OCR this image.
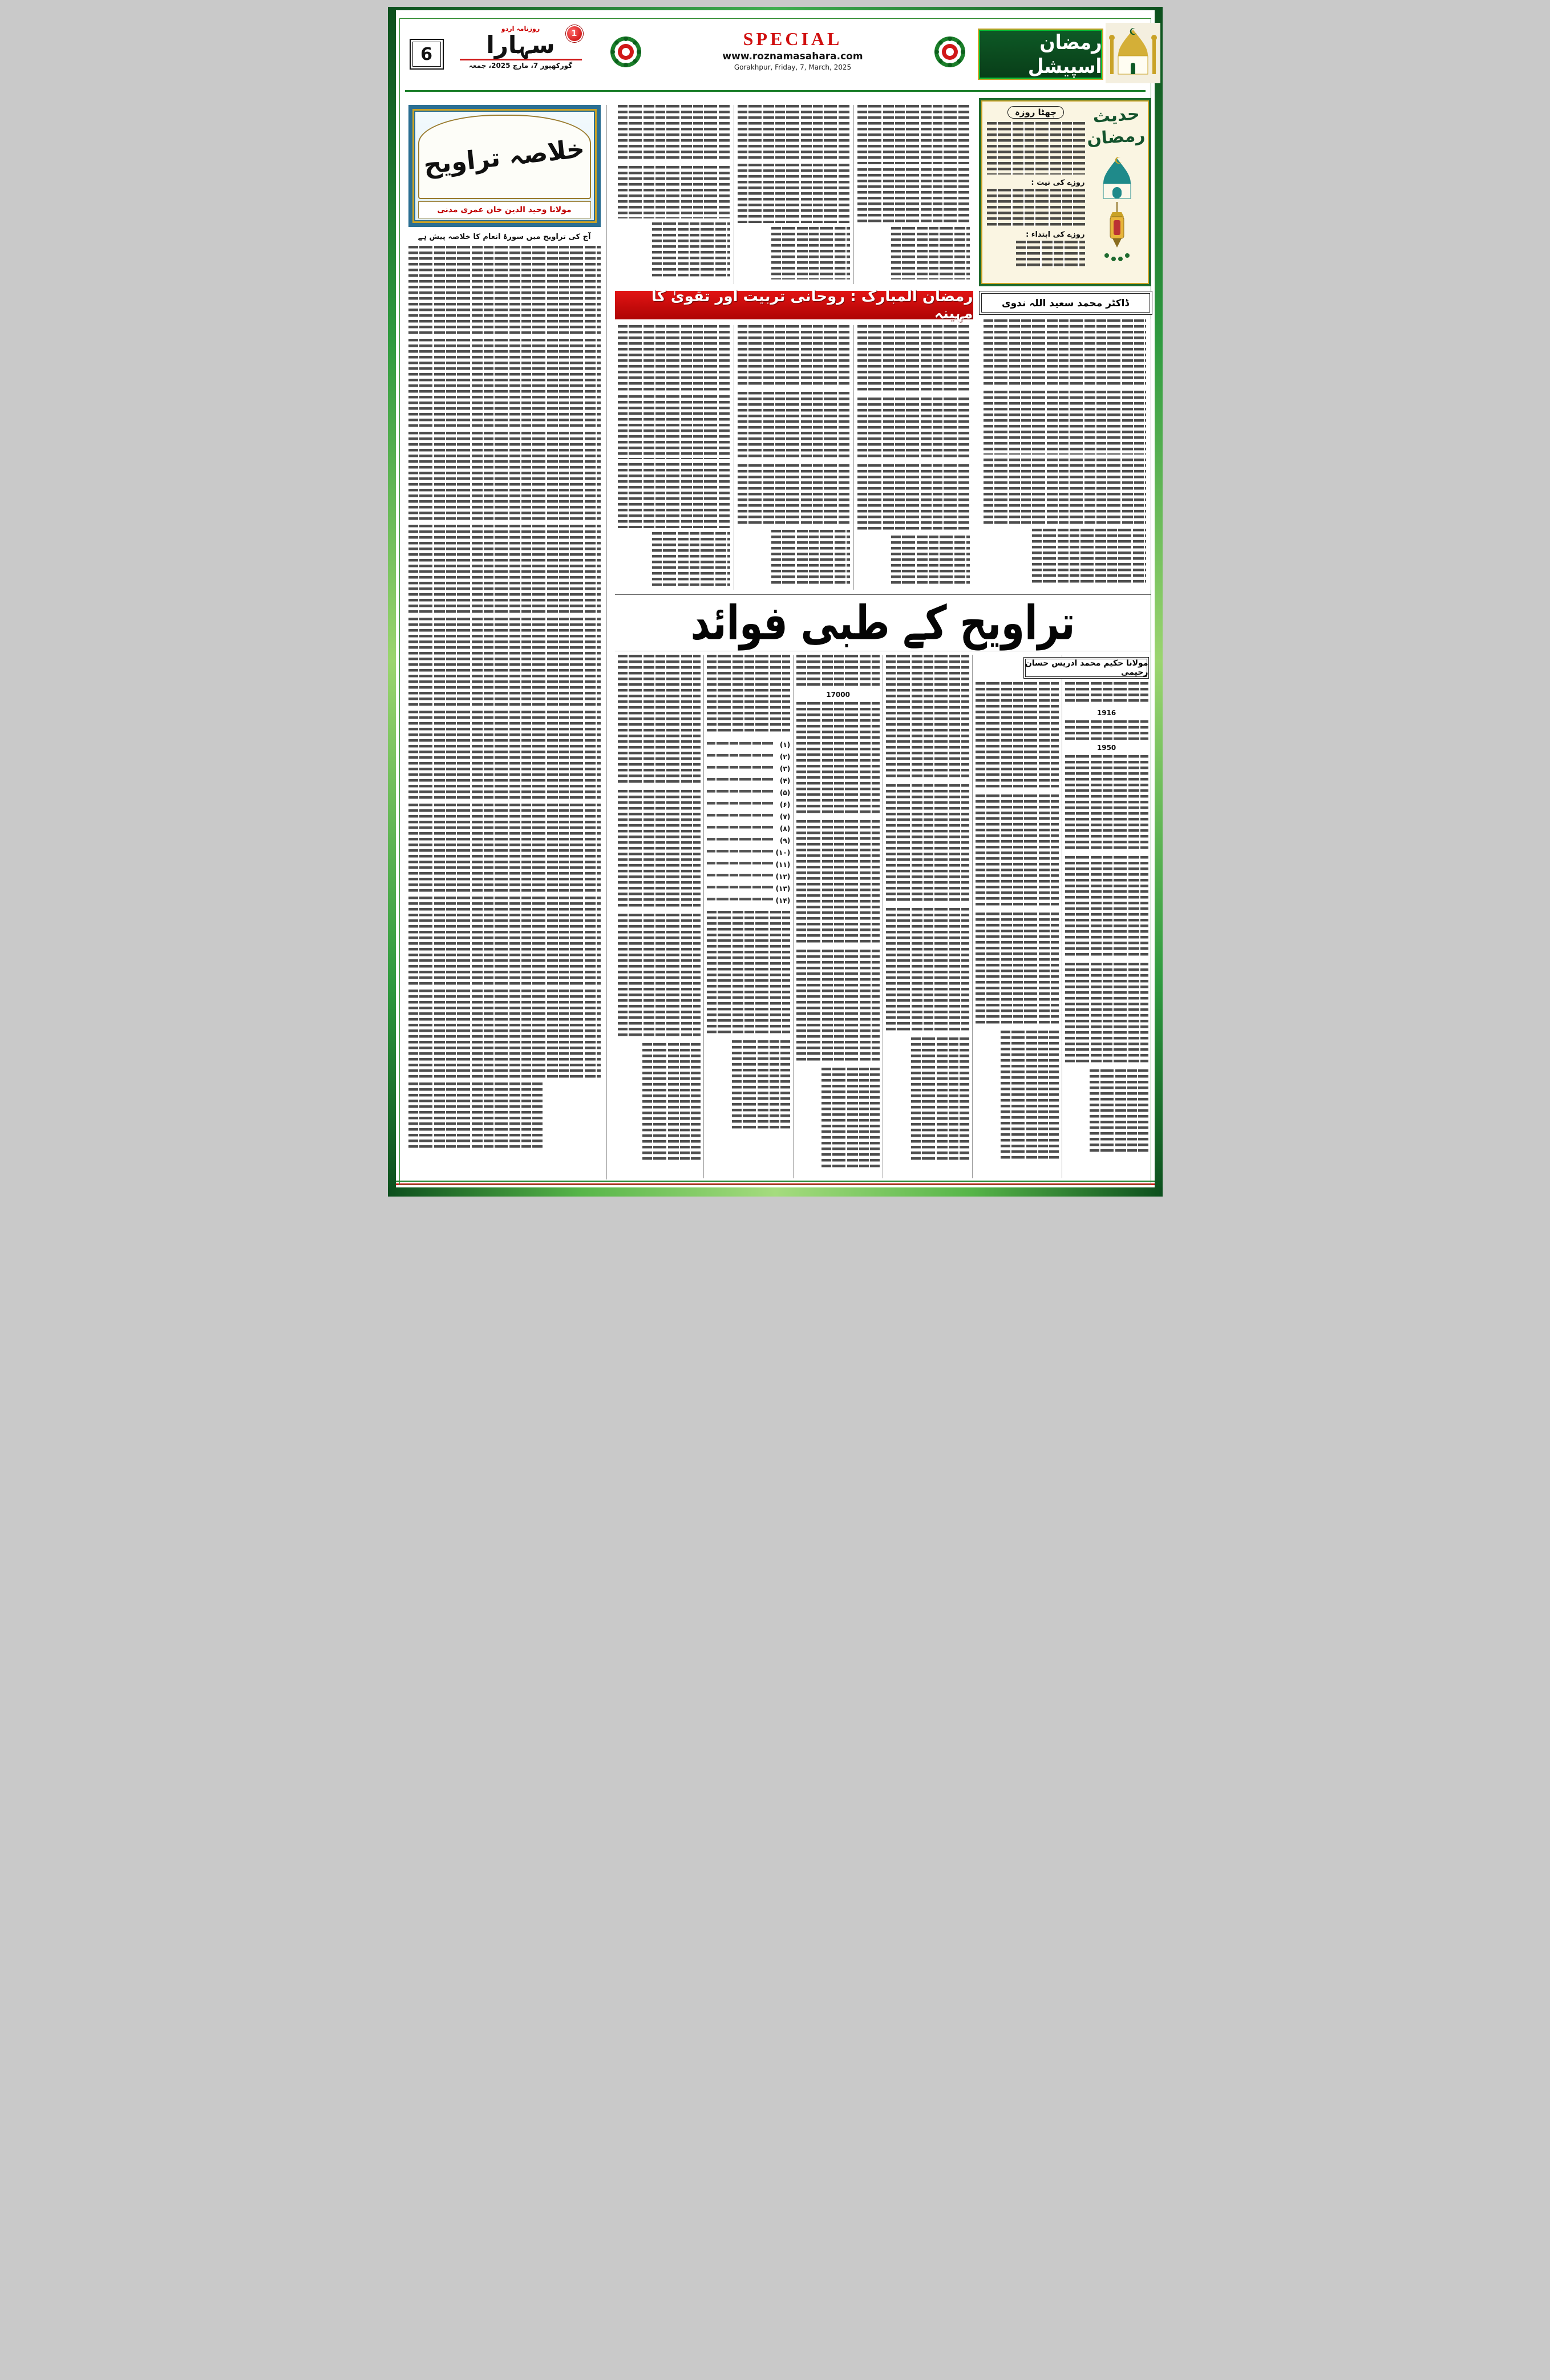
6
1
روزنامہ اردو
سہارا
گورکھپور 7، مارچ 2025، جمعہ
SPECIAL
www.roznamasahara.com
Gorakhpur, Friday, 7, March, 2025
رمضان اسپیشل
خلاصہ تراویح
مولانا وحید الدین خان عمری مدنی
آج کی تراویح میں سورۂ انعام کا خلاصہ پیش ہے
حدیث
رمضان
چھٹا روزہ
روزے کی نیت :
روزے کی ابتداء :
رمضان المبارک : روحانی تربیت اور تقویٰ کا مہینہ
ڈاکٹر محمد سعید اللہ ندوی
تراویح کے طبی فوائد
مولانا حکیم محمد ادریس حسان رحیمی
1916
1950
17000
(۱)
(۲)
(۳)
(۴)
(۵)
(۶)
(۷)
(۸)
(۹)
(۱۰)
(۱۱)
(۱۲)
(۱۳)
(۱۴)
